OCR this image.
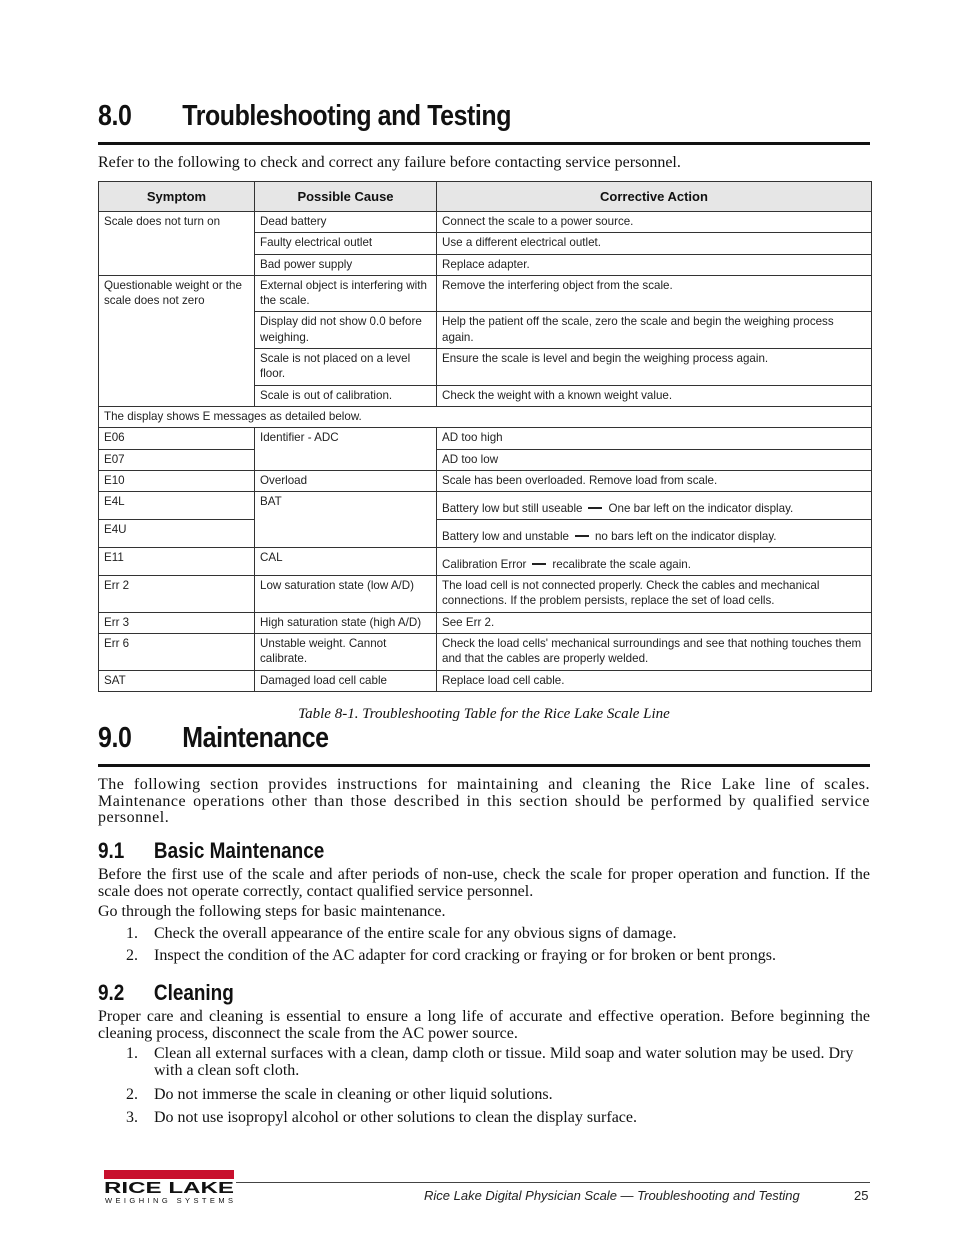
8.0 Troubleshooting and Testing
Refer to the following to check and correct any failure before contacting service personnel.
Symptom	Possible Cause	Corrective Action
Scale does not turn on	Dead battery	Connect the scale to a power source.
	Faulty electrical outlet	Use a different electrical outlet.
	Bad power supply	Replace adapter.
Questionable weight or the scale does not zero	External object is interfering with the scale.	Remove the interfering object from the scale.
	Display did not show 0.0 before weighing.	Help the patient off the scale, zero the scale and begin the weighing process again.
	Scale is not placed on a level floor.	Ensure the scale is level and begin the weighing process again.
	Scale is out of calibration.	Check the weight with a known weight value.
The display shows E messages as detailed below.		
E06	Identifier - ADC	AD too high
E07		AD too low
E10	Overload	Scale has been overloaded. Remove load from scale.
E4L	BAT	Battery low but still useable One bar left on the indicator display.
E4U		Battery low and unstable no bars left on the indicator display.
E11	CAL	Calibration Error recalibrate the scale again.
Err 2	Low saturation state (low A/D)	The load cell is not connected properly. Check the cables and mechanical connections. If the problem persists, replace the set of load cells.
Err 3	High saturation state (high A/D)	See Err 2.
Err 6	Unstable weight. Cannot calibrate.	Check the load cells' mechanical surroundings and see that nothing touches them and that the cables are properly welded.
SAT	Damaged load cell cable	Replace load cell cable.
Table 8-1. Troubleshooting Table for the Rice Lake Scale Line
9.0 Maintenance
The following section provides instructions for maintaining and cleaning the Rice Lake line of scales. Maintenance operations other than those described in this section should be performed by qualified service personnel.
9.1 Basic Maintenance
Before the first use of the scale and after periods of non-use, check the scale for proper operation and function. If the scale does not operate correctly, contact qualified service personnel.
Go through the following steps for basic maintenance.
1. Check the overall appearance of the entire scale for any obvious signs of damage.
2. Inspect the condition of the AC adapter for cord cracking or fraying or for broken or bent prongs.
9.2 Cleaning
Proper care and cleaning is essential to ensure a long life of accurate and effective operation. Before beginning the cleaning process, disconnect the scale from the AC power source.
1. Clean all external surfaces with a clean, damp cloth or tissue. Mild soap and water solution may be used. Dry with a clean soft cloth.
2. Do not immerse the scale in cleaning or other liquid solutions.
3. Do not use isopropyl alcohol or other solutions to clean the display surface.
RICE LAKE
WEIGHING SYSTEMS	Rice Lake Digital Physician Scale — Troubleshooting and Testing	25
